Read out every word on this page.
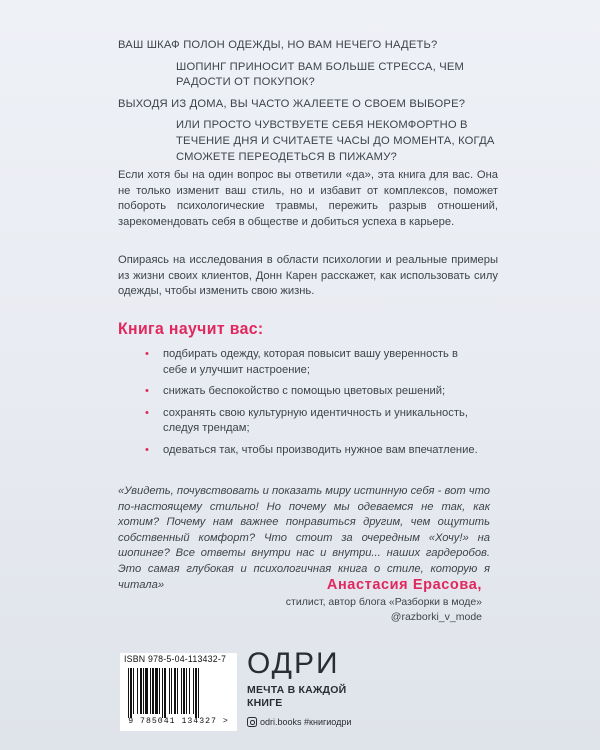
ВАШ ШКАФ ПОЛОН ОДЕЖДЫ, НО ВАМ НЕЧЕГО НАДЕТЬ?

ШОПИНГ ПРИНОСИТ ВАМ БОЛЬШЕ СТРЕССА, ЧЕМ РАДОСТИ ОТ ПОКУПОК?

ВЫХОДЯ ИЗ ДОМА, ВЫ ЧАСТО ЖАЛЕЕТЕ О СВОЕМ ВЫБОРЕ?

ИЛИ ПРОСТО ЧУВСТВУЕТЕ СЕБЯ НЕКОМФОРТНО В ТЕЧЕНИЕ ДНЯ И СЧИТАЕТЕ ЧАСЫ ДО МОМЕНТА, КОГДА СМОЖЕТЕ ПЕРЕОДЕТЬСЯ В ПИЖАМУ?

Если хотя бы на один вопрос вы ответили «да», эта книга для вас. Она не только изменит ваш стиль, но и избавит от комплексов, поможет побороть психологические травмы, пережить разрыв отношений, зарекомендовать себя в обществе и добиться успеха в карьере.

Опираясь на исследования в области психологии и реальные примеры из жизни своих клиентов, Донн Карен расскажет, как использовать силу одежды, чтобы изменить свою жизнь.

Книга научит вас:
• подбирать одежду, которая повысит вашу уверенность в себе и улучшит настроение;
• снижать беспокойство с помощью цветовых решений;
• сохранять свою культурную идентичность и уникальность, следуя трендам;
• одеваться так, чтобы производить нужное вам впечатление.

«Увидеть, почувствовать и показать миру истинную себя - вот что по-настоящему стильно! Но почему мы одеваемся не так, как хотим? Почему нам важнее понравиться другим, чем ощутить собственный комфорт? Что стоит за очередным «Хочу!» на шопинге? Все ответы внутри нас и внутри... наших гардеробов. Это самая глубокая и психологичная книга о стиле, которую я читала»	Анастасия Ерасова,

стилист, автор блога «Разборки в моде»

@razborki_v_mode

ISBN 978-5-04-113432-7
9 785041 134327 >

ОДРИ

МЕЧТА В КАЖДОЙ КНИГЕ

odri.books #книгиодри
